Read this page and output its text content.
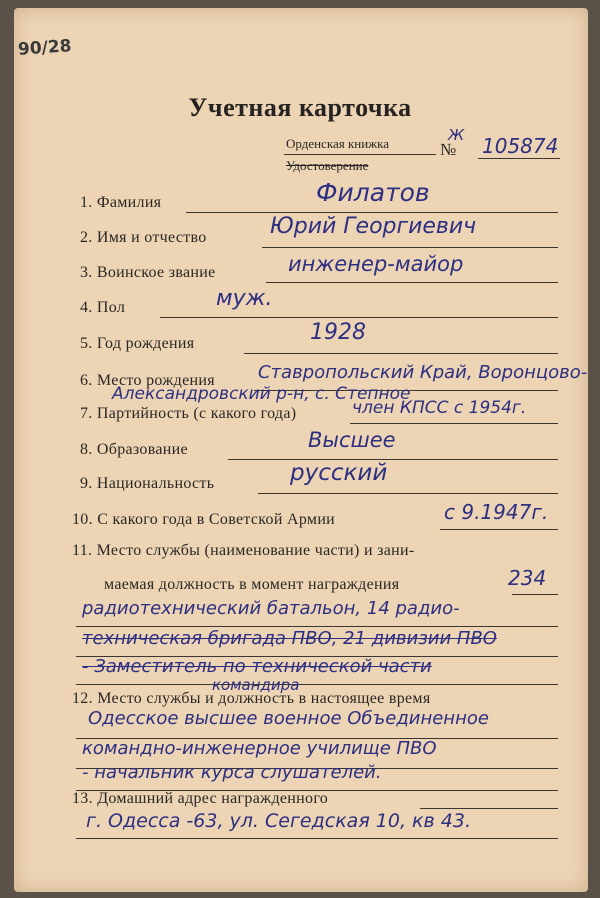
90/28
Учетная карточка
Орденская книжка
Удостоверение
№
Ж 105874
1. Фамилия	Филатов
2. Имя и отчество	Юрий Георгиевич
3. Воинское звание	инженер-майор
4. Пол	муж.
5. Год рождения	1928
6. Место рождения Ставропольский Край, Воронцово-
Александровский р-н, с. Степное
7. Партийность (с какого года)	член КПСС с 1954г.
8. Образование	Высшее
9. Национальность	русский
10. С какого года в Советской Армии	с 9.1947г.
11. Место службы (наименование части) и зани-
маемая должность в момент награждения	234
радиотехнический батальон, 14 радио-
техническая бригада ПВО, 21 дивизии ПВО
- Заместитель по технической части
командира
12. Место службы и должность в настоящее время
Одесское высшее военное Объединенное
командно-инженерное училище ПВО
- начальник курса слушателей.
13. Домашний адрес награжденного
г. Одесса -63, ул. Сегедская 10, кв 43.
